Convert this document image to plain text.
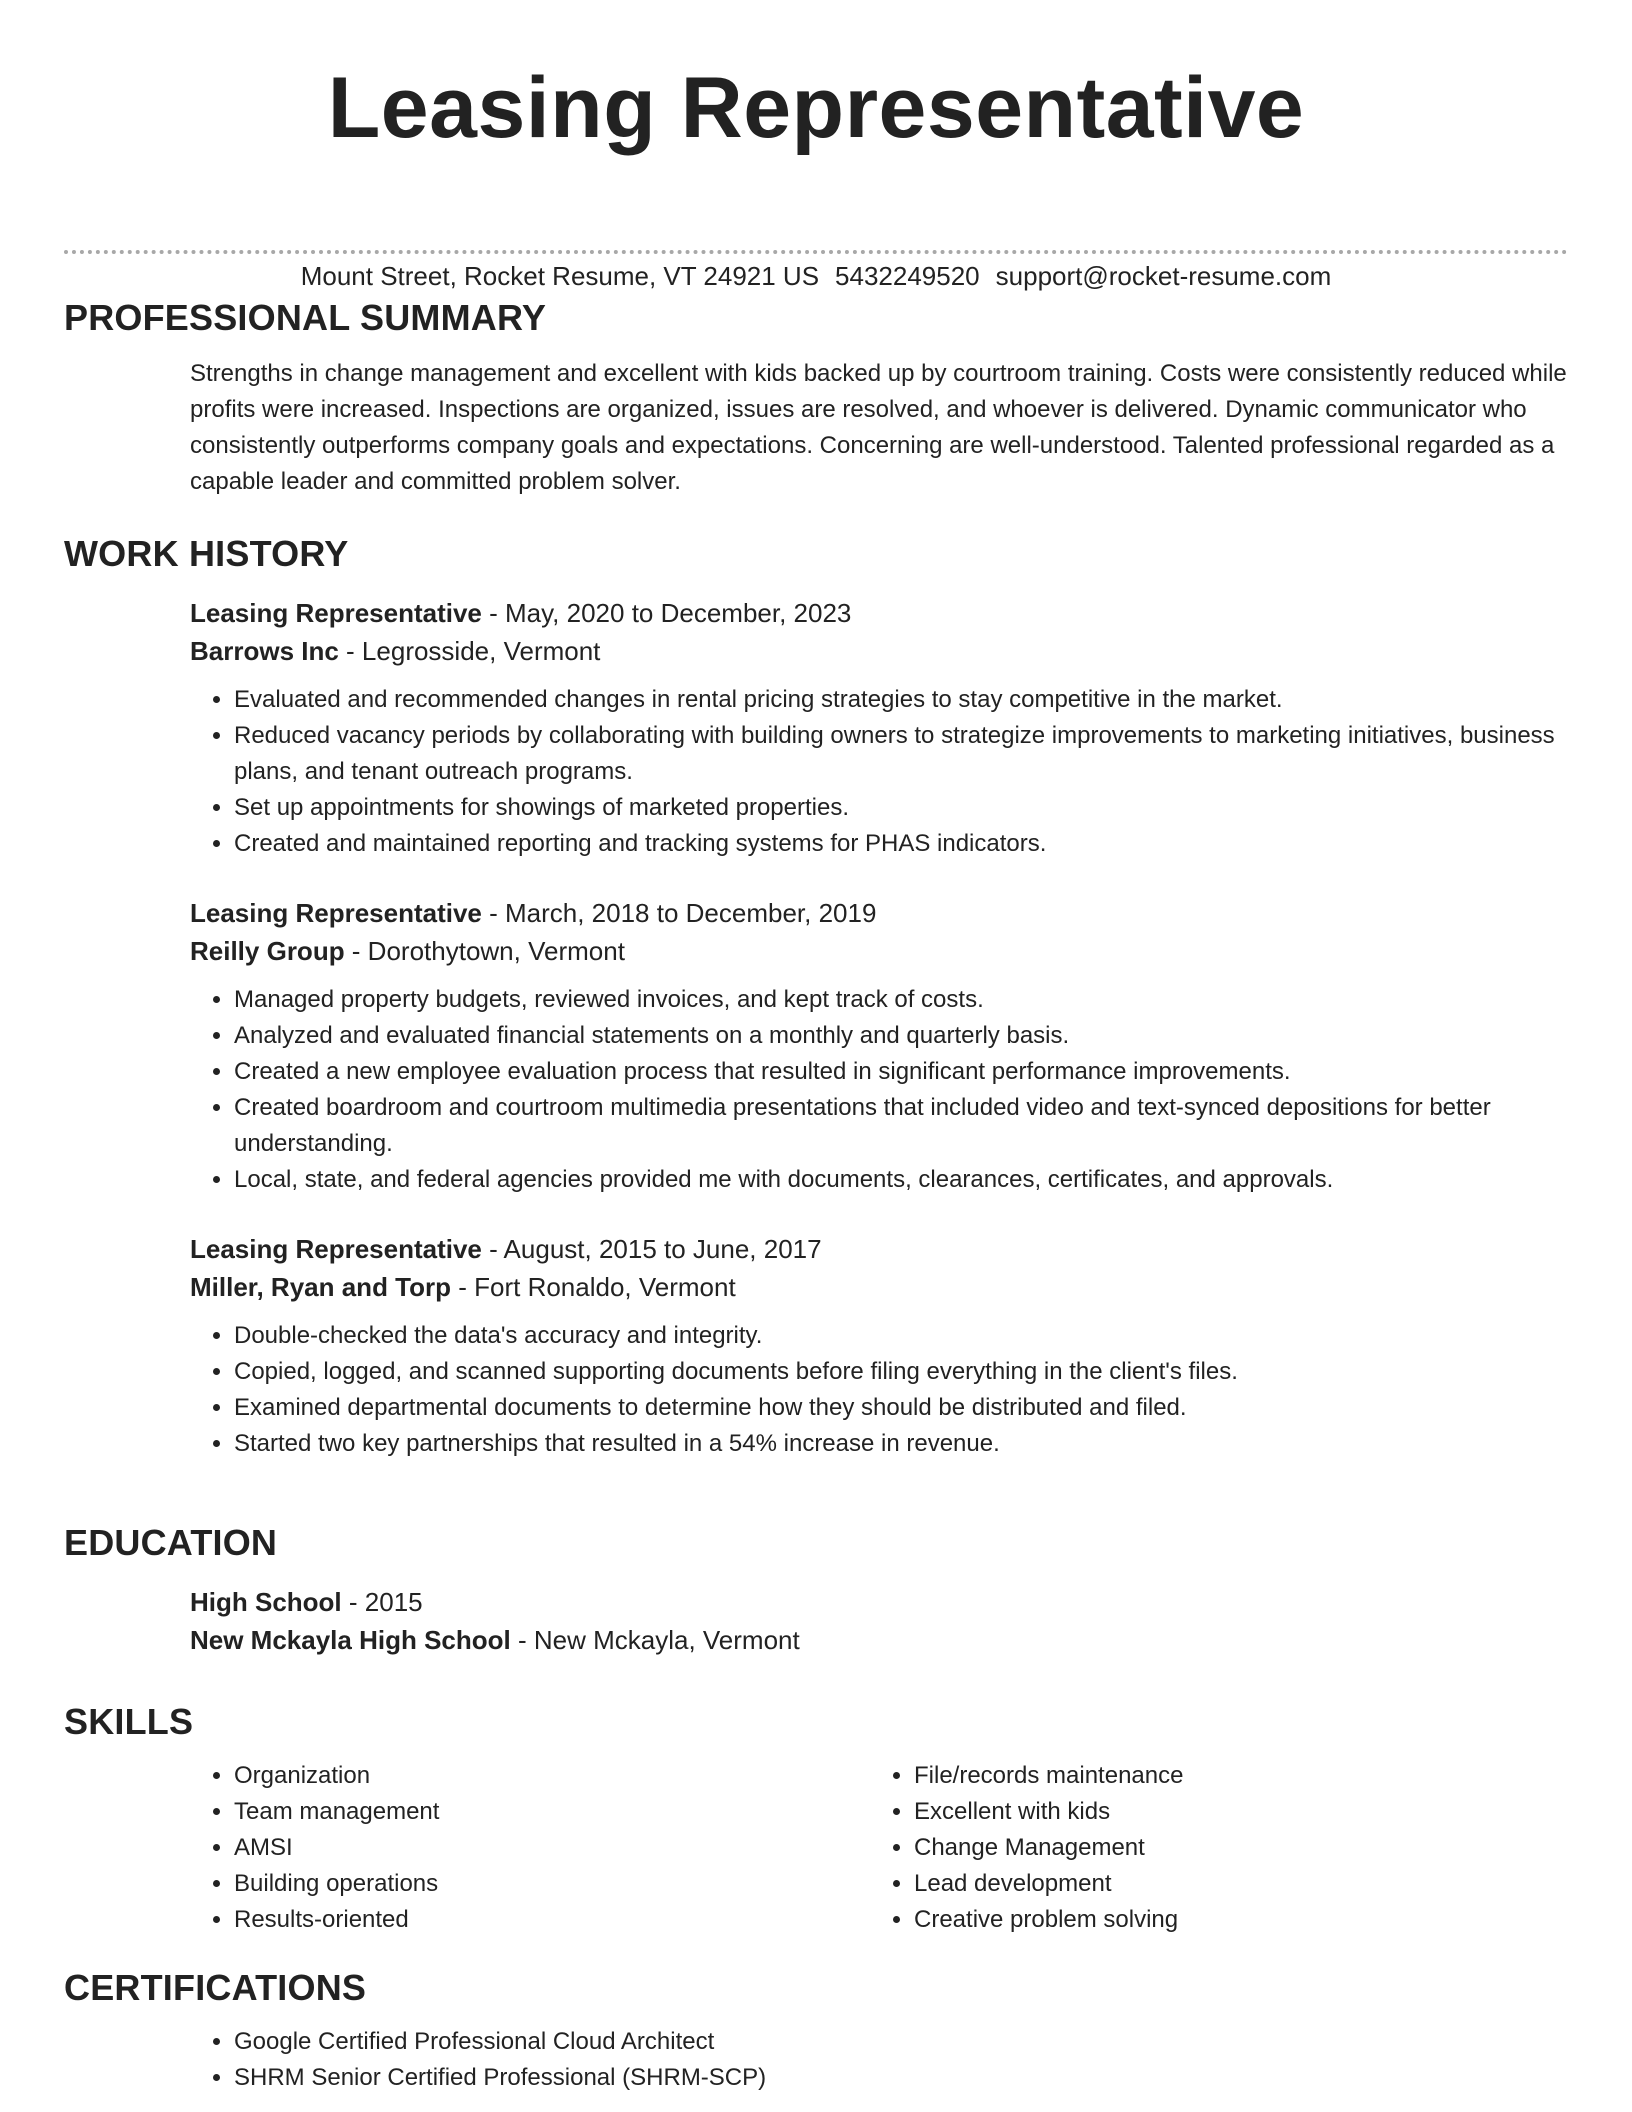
Leasing Representative
Mount Street, Rocket Resume, VT 24921 US 5432249520 support@rocket-resume.com
PROFESSIONAL SUMMARY

Strengths in change management and excellent with kids backed up by courtroom training. Costs were consistently reduced while profits were increased. Inspections are organized, issues are resolved, and whoever is delivered. Dynamic communicator who consistently outperforms company goals and expectations. Concerning are well-understood. Talented professional regarded as a capable leader and committed problem solver.

WORK HISTORY
Leasing Representative - May, 2020 to December, 2023
Barrows Inc - Legrosside, Vermont
• Evaluated and recommended changes in rental pricing strategies to stay competitive in the market.
• Reduced vacancy periods by collaborating with building owners to strategize improvements to marketing initiatives, business plans, and tenant outreach programs.
• Set up appointments for showings of marketed properties.
• Created and maintained reporting and tracking systems for PHAS indicators.
Leasing Representative - March, 2018 to December, 2019
Reilly Group - Dorothytown, Vermont
• Managed property budgets, reviewed invoices, and kept track of costs.
• Analyzed and evaluated financial statements on a monthly and quarterly basis.
• Created a new employee evaluation process that resulted in significant performance improvements.
• Created boardroom and courtroom multimedia presentations that included video and text-synced depositions for better understanding.
• Local, state, and federal agencies provided me with documents, clearances, certificates, and approvals.
Leasing Representative - August, 2015 to June, 2017
Miller, Ryan and Torp - Fort Ronaldo, Vermont
• Double-checked the data's accuracy and integrity.
• Copied, logged, and scanned supporting documents before filing everything in the client's files.
• Examined departmental documents to determine how they should be distributed and filed.
• Started two key partnerships that resulted in a 54% increase in revenue.
EDUCATION
High School - 2015
New Mckayla High School - New Mckayla, Vermont
SKILLS
• Organization
• Team management
• AMSI
• Building operations
• Results-oriented
• File/records maintenance
• Excellent with kids
• Change Management
• Lead development
• Creative problem solving
CERTIFICATIONS
• Google Certified Professional Cloud Architect
• SHRM Senior Certified Professional (SHRM-SCP)
